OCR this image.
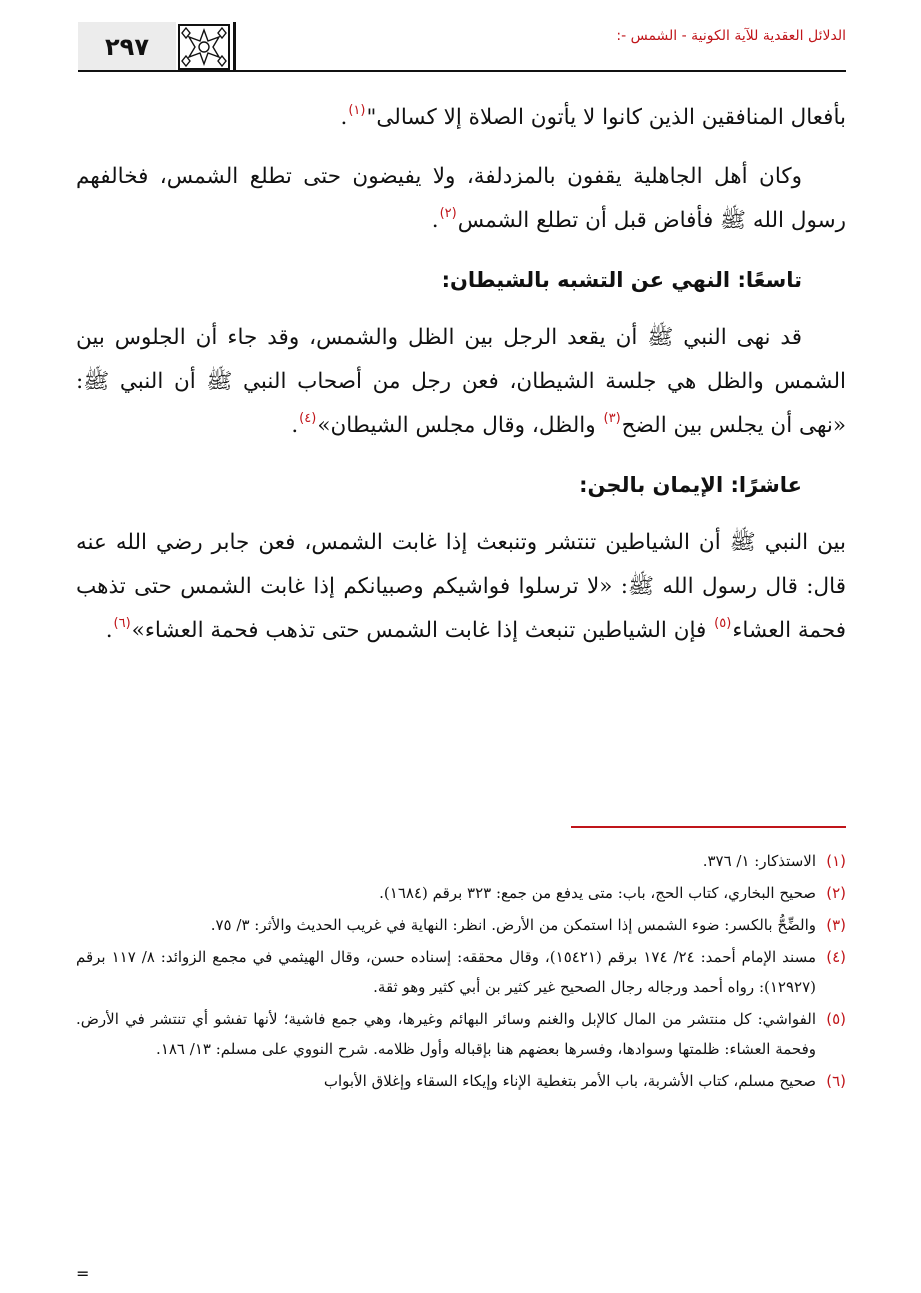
٢٩٧	الدلائل العقدية للآية الكونية - الشمس -:

بأفعال المنافقين الذين كانوا لا يأتون الصلاة إلا كسالى"$^{(١)}$.

وكان أهل الجاهلية يقفون بالمزدلفة، ولا يفيضون حتى تطلع الشمس، فخالفهم رسول الله ﷺ فأفاض قبل أن تطلع الشمس$^{(٢)}$.

تاسعًا: النهي عن التشبه بالشيطان:

قد نهى النبي ﷺ أن يقعد الرجل بين الظل والشمس، وقد جاء أن الجلوس بين الشمس والظل هي جلسة الشيطان، فعن رجل من أصحاب النبي ﷺ أن النبي ﷺ: «نهى أن يجلس بين الضح$^{(٣)}$ والظل، وقال مجلس الشيطان»$^{(٤)}$.

عاشرًا: الإيمان بالجن:

بين النبي ﷺ أن الشياطين تنتشر وتنبعث إذا غابت الشمس، فعن جابر رضي الله عنه قال: قال رسول الله ﷺ: «لا ترسلوا فواشيكم وصبيانكم إذا غابت الشمس حتى تذهب فحمة العشاء$^{(٥)}$ فإن الشياطين تنبعث إذا غابت الشمس حتى تذهب فحمة العشاء»$^{(٦)}$.

(١)
الاستذكار: ١/ ٣٧٦.
(٢)
صحيح البخاري، كتاب الحج، باب: متى يدفع من جمع: ٣٢٣ برقم (١٦٨٤).
(٣)
والضِّحُّ بالكسر: ضوء الشمس إذا استمكن من الأرض. انظر: النهاية في غريب الحديث والأثر: ٣/ ٧٥.
(٤)
مسند الإمام أحمد: ٢٤/ ١٧٤ برقم (١٥٤٢١)، وقال محققه: إسناده حسن، وقال الهيثمي في مجمع الزوائد: ٨/ ١١٧ برقم (١٢٩٢٧): رواه أحمد ورجاله رجال الصحيح غير كثير بن أبي كثير وهو ثقة.
(٥)
الفواشي: كل منتشر من المال كالإبل والغنم وسائر البهائم وغيرها، وهي جمع فاشية؛ لأنها تفشو أي تنتشر في الأرض. وفحمة العشاء: ظلمتها وسوادها، وفسرها بعضهم هنا بإقباله وأول ظلامه. شرح النووي على مسلم: ١٣/ ١٨٦.
(٦)
صحيح مسلم، كتاب الأشربة، باب الأمر بتغطية الإناء وإيكاء السقاء وإغلاق الأبواب
=
